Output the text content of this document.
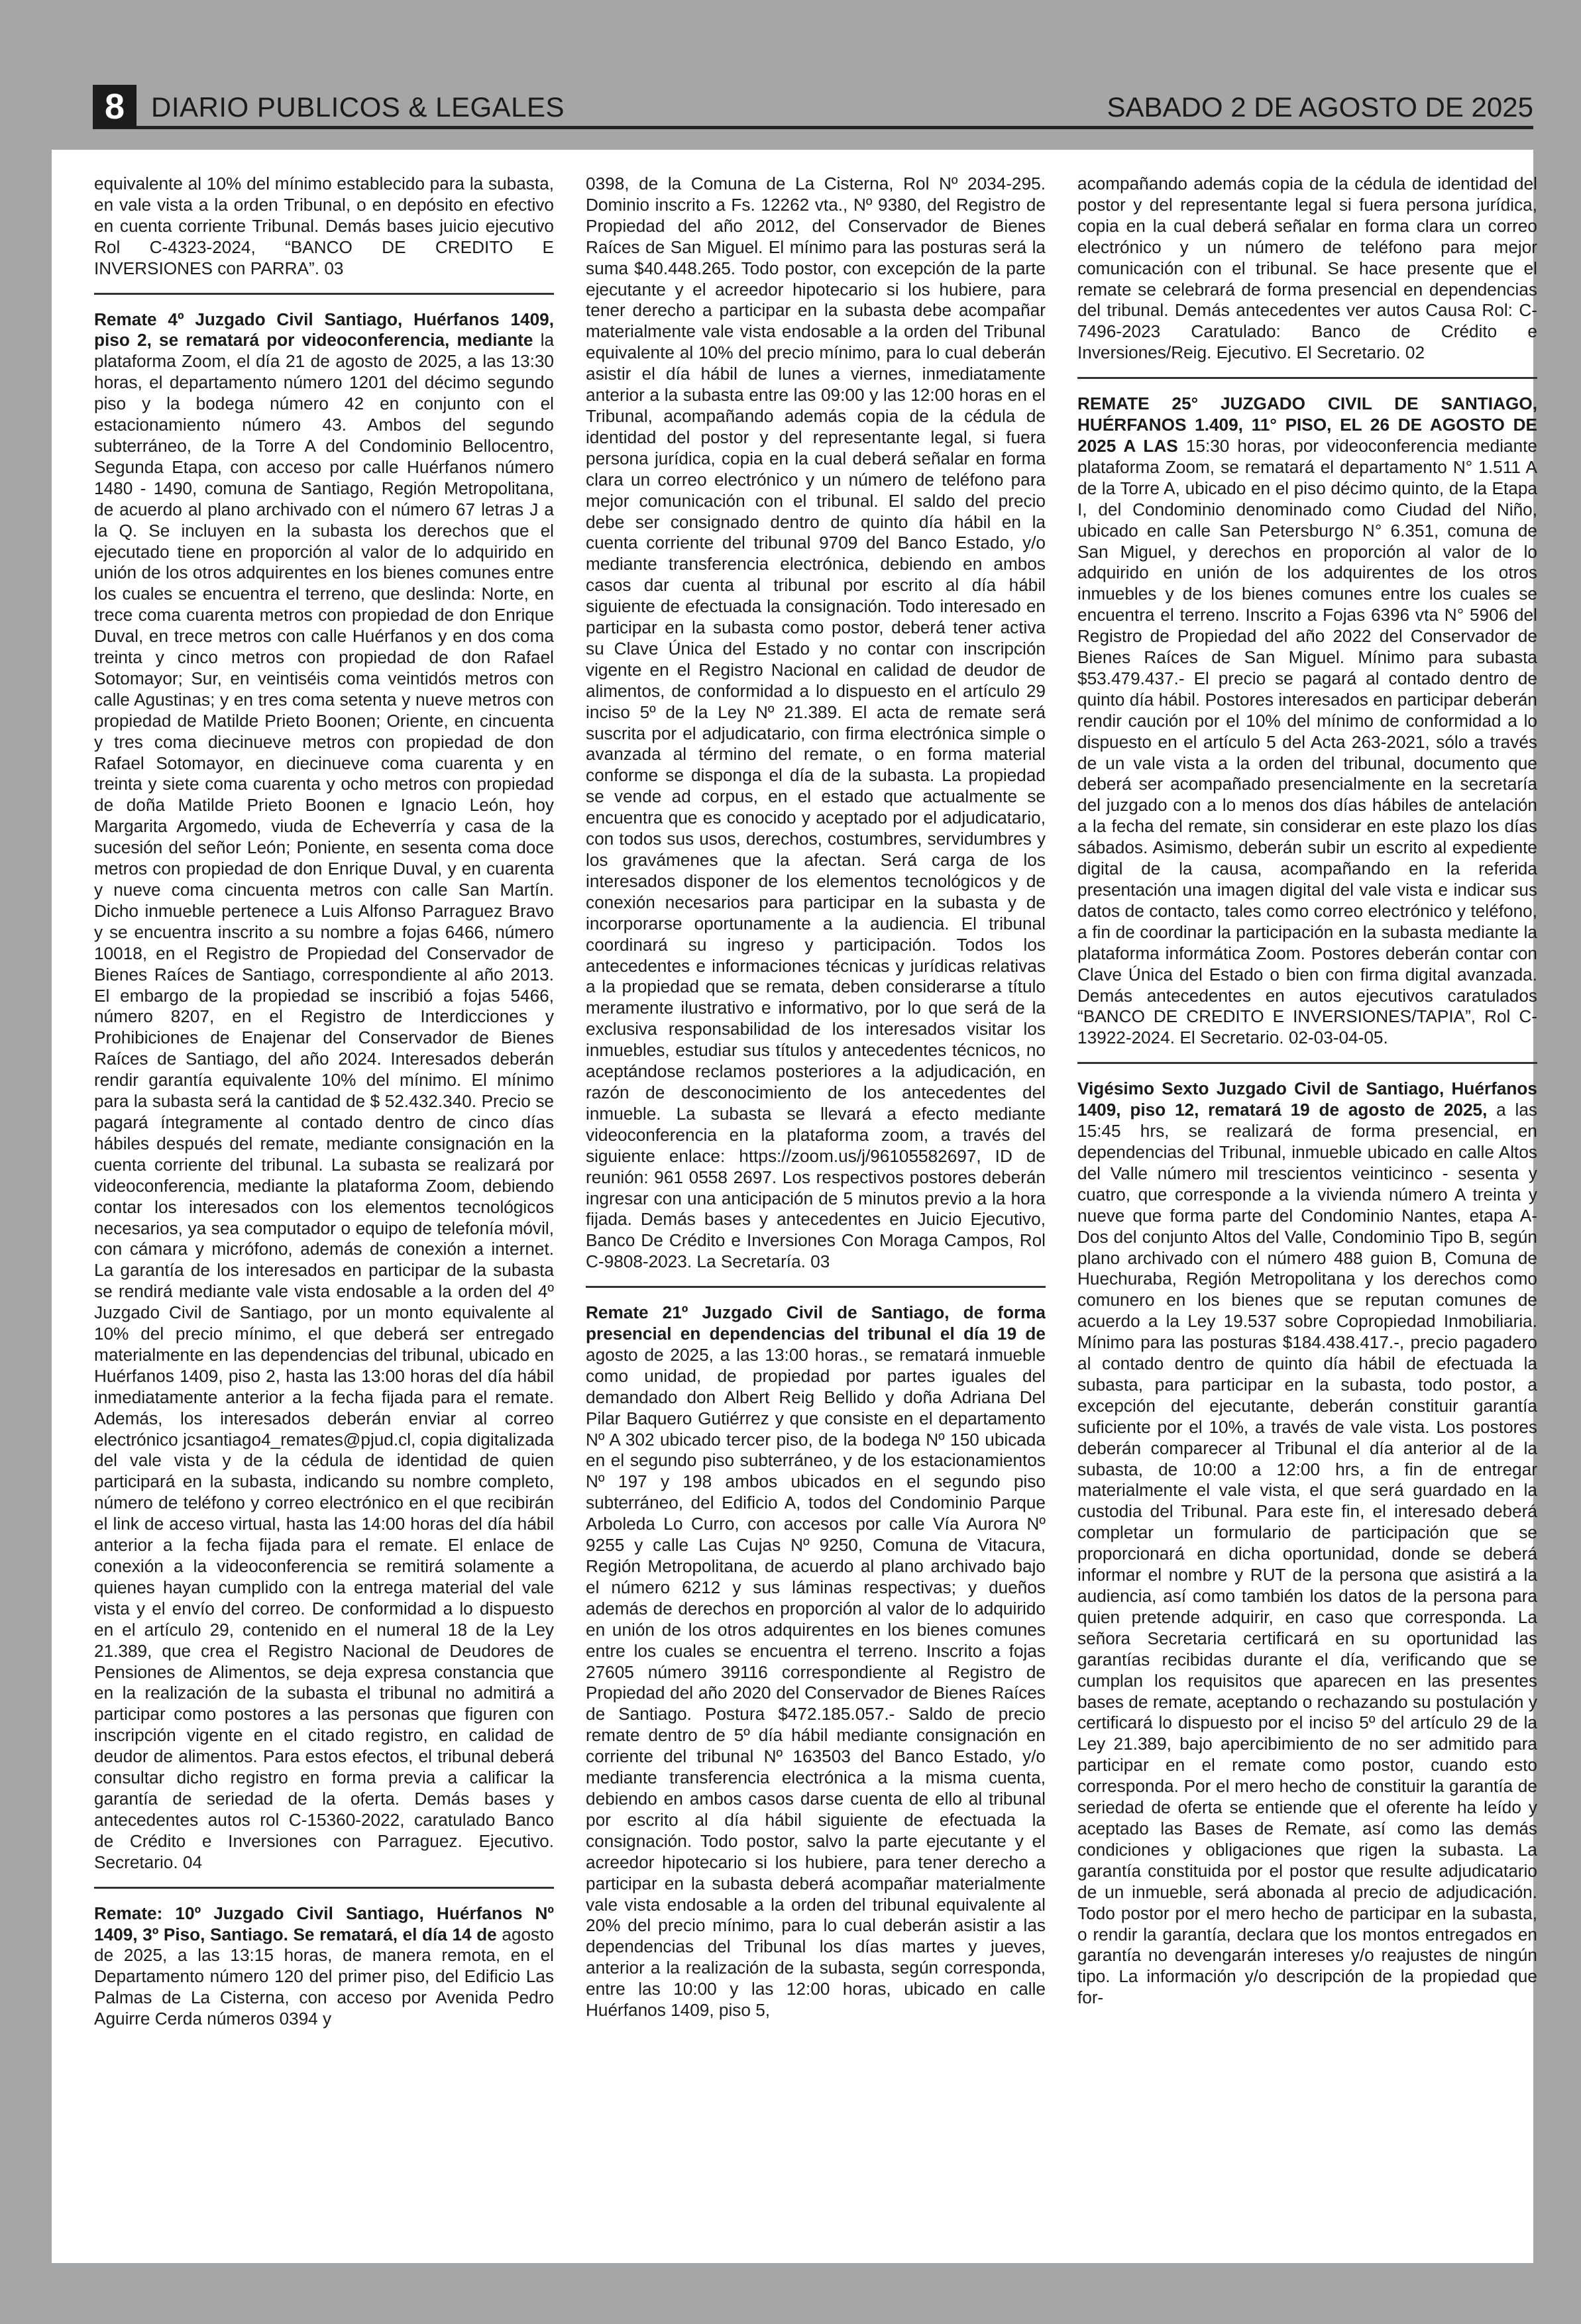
8 DIARIO PUBLICOS & LEGALES	SABADO 2 DE AGOSTO DE 2025

equivalente al 10% del mínimo establecido para la subasta, en vale vista a la orden Tribunal, o en depósito en efectivo en cuenta corriente Tribunal. Demás bases juicio ejecutivo Rol C-4323-2024, “BANCO DE CREDITO E INVERSIONES con PARRA”. 03

Remate 4º Juzgado Civil Santiago, Huérfanos 1409, piso 2, se rematará por videoconferencia, mediante la plataforma Zoom, el día 21 de agosto de 2025, a las 13:30 horas, el departamento número 1201 del décimo segundo piso y la bodega número 42 en conjunto con el estacionamiento número 43. Ambos del segundo subterráneo, de la Torre A del Condominio Bellocentro, Segunda Etapa, con acceso por calle Huérfanos número 1480 - 1490, comuna de Santiago, Región Metropolitana, de acuerdo al plano archivado con el número 67 letras J a la Q. Se incluyen en la subasta los derechos que el ejecutado tiene en proporción al valor de lo adquirido en unión de los otros adquirentes en los bienes comunes entre los cuales se encuentra el terreno, que deslinda: Norte, en trece coma cuarenta metros con propiedad de don Enrique Duval, en trece metros con calle Huérfanos y en dos coma treinta y cinco metros con propiedad de don Rafael Sotomayor; Sur, en veintiséis coma veintidós metros con calle Agustinas; y en tres coma setenta y nueve metros con propiedad de Matilde Prieto Boonen; Oriente, en cincuenta y tres coma diecinueve metros con propiedad de don Rafael Sotomayor, en diecinueve coma cuarenta y en treinta y siete coma cuarenta y ocho metros con propiedad de doña Matilde Prieto Boonen e Ignacio León, hoy Margarita Argomedo, viuda de Echeverría y casa de la sucesión del señor León; Poniente, en sesenta coma doce metros con propiedad de don Enrique Duval, y en cuarenta y nueve coma cincuenta metros con calle San Martín. Dicho inmueble pertenece a Luis Alfonso Parraguez Bravo y se encuentra inscrito a su nombre a fojas 6466, número 10018, en el Registro de Propiedad del Conservador de Bienes Raíces de Santiago, correspondiente al año 2013. El embargo de la propiedad se inscribió a fojas 5466, número 8207, en el Registro de Interdicciones y Prohibiciones de Enajenar del Conservador de Bienes Raíces de Santiago, del año 2024. Interesados deberán rendir garantía equivalente 10% del mínimo. El mínimo para la subasta será la cantidad de $ 52.432.340. Precio se pagará íntegramente al contado dentro de cinco días hábiles después del remate, mediante consignación en la cuenta corriente del tribunal. La subasta se realizará por videoconferencia, mediante la plataforma Zoom, debiendo contar los interesados con los elementos tecnológicos necesarios, ya sea computador o equipo de telefonía móvil, con cámara y micrófono, además de conexión a internet. La garantía de los interesados en participar de la subasta se rendirá mediante vale vista endosable a la orden del 4º Juzgado Civil de Santiago, por un monto equivalente al 10% del precio mínimo, el que deberá ser entregado materialmente en las dependencias del tribunal, ubicado en Huérfanos 1409, piso 2, hasta las 13:00 horas del día hábil inmediatamente anterior a la fecha fijada para el remate. Además, los interesados deberán enviar al correo electrónico jcsantiago4_remates@pjud.cl, copia digitalizada del vale vista y de la cédula de identidad de quien participará en la subasta, indicando su nombre completo, número de teléfono y correo electrónico en el que recibirán el link de acceso virtual, hasta las 14:00 horas del día hábil anterior a la fecha fijada para el remate. El enlace de conexión a la videoconferencia se remitirá solamente a quienes hayan cumplido con la entrega material del vale vista y el envío del correo. De conformidad a lo dispuesto en el artículo 29, contenido en el numeral 18 de la Ley 21.389, que crea el Registro Nacional de Deudores de Pensiones de Alimentos, se deja expresa constancia que en la realización de la subasta el tribunal no admitirá a participar como postores a las personas que figuren con inscripción vigente en el citado registro, en calidad de deudor de alimentos. Para estos efectos, el tribunal deberá consultar dicho registro en forma previa a calificar la garantía de seriedad de la oferta. Demás bases y antecedentes autos rol C-15360-2022, caratulado Banco de Crédito e Inversiones con Parraguez. Ejecutivo. Secretario. 04

Remate: 10º Juzgado Civil Santiago, Huérfanos Nº 1409, 3º Piso, Santiago. Se rematará, el día 14 de agosto de 2025, a las 13:15 horas, de manera remota, en el Departamento número 120 del primer piso, del Edificio Las Palmas de La Cisterna, con acceso por Avenida Pedro Aguirre Cerda números 0394 y

0398, de la Comuna de La Cisterna, Rol Nº 2034-295. Dominio inscrito a Fs. 12262 vta., Nº 9380, del Registro de Propiedad del año 2012, del Conservador de Bienes Raíces de San Miguel. El mínimo para las posturas será la suma $40.448.265. Todo postor, con excepción de la parte ejecutante y el acreedor hipotecario si los hubiere, para tener derecho a participar en la subasta debe acompañar materialmente vale vista endosable a la orden del Tribunal equivalente al 10% del precio mínimo, para lo cual deberán asistir el día hábil de lunes a viernes, inmediatamente anterior a la subasta entre las 09:00 y las 12:00 horas en el Tribunal, acompañando además copia de la cédula de identidad del postor y del representante legal, si fuera persona jurídica, copia en la cual deberá señalar en forma clara un correo electrónico y un número de teléfono para mejor comunicación con el tribunal. El saldo del precio debe ser consignado dentro de quinto día hábil en la cuenta corriente del tribunal 9709 del Banco Estado, y/o mediante transferencia electrónica, debiendo en ambos casos dar cuenta al tribunal por escrito al día hábil siguiente de efectuada la consignación. Todo interesado en participar en la subasta como postor, deberá tener activa su Clave Única del Estado y no contar con inscripción vigente en el Registro Nacional en calidad de deudor de alimentos, de conformidad a lo dispuesto en el artículo 29 inciso 5º de la Ley Nº 21.389. El acta de remate será suscrita por el adjudicatario, con firma electrónica simple o avanzada al término del remate, o en forma material conforme se disponga el día de la subasta. La propiedad se vende ad corpus, en el estado que actualmente se encuentra que es conocido y aceptado por el adjudicatario, con todos sus usos, derechos, costumbres, servidumbres y los gravámenes que la afectan. Será carga de los interesados disponer de los elementos tecnológicos y de conexión necesarios para participar en la subasta y de incorporarse oportunamente a la audiencia. El tribunal coordinará su ingreso y participación. Todos los antecedentes e informaciones técnicas y jurídicas relativas a la propiedad que se remata, deben considerarse a título meramente ilustrativo e informativo, por lo que será de la exclusiva responsabilidad de los interesados visitar los inmuebles, estudiar sus títulos y antecedentes técnicos, no aceptándose reclamos posteriores a la adjudicación, en razón de desconocimiento de los antecedentes del inmueble. La subasta se llevará a efecto mediante videoconferencia en la plataforma zoom, a través del siguiente enlace: https://zoom.us/j/96105582697, ID de reunión: 961 0558 2697. Los respectivos postores deberán ingresar con una anticipación de 5 minutos previo a la hora fijada. Demás bases y antecedentes en Juicio Ejecutivo, Banco De Crédito e Inversiones Con Moraga Campos, Rol C-9808-2023. La Secretaría. 03

Remate 21º Juzgado Civil de Santiago, de forma presencial en dependencias del tribunal el día 19 de agosto de 2025, a las 13:00 horas., se rematará inmueble como unidad, de propiedad por partes iguales del demandado don Albert Reig Bellido y doña Adriana Del Pilar Baquero Gutiérrez y que consiste en el departamento Nº A 302 ubicado tercer piso, de la bodega Nº 150 ubicada en el segundo piso subterráneo, y de los estacionamientos Nº 197 y 198 ambos ubicados en el segundo piso subterráneo, del Edificio A, todos del Condominio Parque Arboleda Lo Curro, con accesos por calle Vía Aurora Nº 9255 y calle Las Cujas Nº 9250, Comuna de Vitacura, Región Metropolitana, de acuerdo al plano archivado bajo el número 6212 y sus láminas respectivas; y dueños además de derechos en proporción al valor de lo adquirido en unión de los otros adquirentes en los bienes comunes entre los cuales se encuentra el terreno. Inscrito a fojas 27605 número 39116 correspondiente al Registro de Propiedad del año 2020 del Conservador de Bienes Raíces de Santiago. Postura $472.185.057.- Saldo de precio remate dentro de 5º día hábil mediante consignación en corriente del tribunal Nº 163503 del Banco Estado, y/o mediante transferencia electrónica a la misma cuenta, debiendo en ambos casos darse cuenta de ello al tribunal por escrito al día hábil siguiente de efectuada la consignación. Todo postor, salvo la parte ejecutante y el acreedor hipotecario si los hubiere, para tener derecho a participar en la subasta deberá acompañar materialmente vale vista endosable a la orden del tribunal equivalente al 20% del precio mínimo, para lo cual deberán asistir a las dependencias del Tribunal los días martes y jueves, anterior a la realización de la subasta, según corresponda, entre las 10:00 y las 12:00 horas, ubicado en calle Huérfanos 1409, piso 5,

acompañando además copia de la cédula de identidad del postor y del representante legal si fuera persona jurídica, copia en la cual deberá señalar en forma clara un correo electrónico y un número de teléfono para mejor comunicación con el tribunal. Se hace presente que el remate se celebrará de forma presencial en dependencias del tribunal. Demás antecedentes ver autos Causa Rol: C-7496-2023 Caratulado: Banco de Crédito e Inversiones/Reig. Ejecutivo. El Secretario. 02

REMATE 25° JUZGADO CIVIL DE SANTIAGO, HUÉRFANOS 1.409, 11° PISO, EL 26 DE AGOSTO DE 2025 A LAS 15:30 horas, por videoconferencia mediante plataforma Zoom, se rematará el departamento N° 1.511 A de la Torre A, ubicado en el piso décimo quinto, de la Etapa I, del Condominio denominado como Ciudad del Niño, ubicado en calle San Petersburgo N° 6.351, comuna de San Miguel, y derechos en proporción al valor de lo adquirido en unión de los adquirentes de los otros inmuebles y de los bienes comunes entre los cuales se encuentra el terreno. Inscrito a Fojas 6396 vta N° 5906 del Registro de Propiedad del año 2022 del Conservador de Bienes Raíces de San Miguel. Mínimo para subasta $53.479.437.- El precio se pagará al contado dentro de quinto día hábil. Postores interesados en participar deberán rendir caución por el 10% del mínimo de conformidad a lo dispuesto en el artículo 5 del Acta 263-2021, sólo a través de un vale vista a la orden del tribunal, documento que deberá ser acompañado presencialmente en la secretaría del juzgado con a lo menos dos días hábiles de antelación a la fecha del remate, sin considerar en este plazo los días sábados. Asimismo, deberán subir un escrito al expediente digital de la causa, acompañando en la referida presentación una imagen digital del vale vista e indicar sus datos de contacto, tales como correo electrónico y teléfono, a fin de coordinar la participación en la subasta mediante la plataforma informática Zoom. Postores deberán contar con Clave Única del Estado o bien con firma digital avanzada. Demás antecedentes en autos ejecutivos caratulados “BANCO DE CREDITO E INVERSIONES/TAPIA”, Rol C-13922-2024. El Secretario. 02-03-04-05.

Vigésimo Sexto Juzgado Civil de Santiago, Huérfanos 1409, piso 12, rematará 19 de agosto de 2025, a las 15:45 hrs, se realizará de forma presencial, en dependencias del Tribunal, inmueble ubicado en calle Altos del Valle número mil trescientos veinticinco - sesenta y cuatro, que corresponde a la vivienda número A treinta y nueve que forma parte del Condominio Nantes, etapa A- Dos del conjunto Altos del Valle, Condominio Tipo B, según plano archivado con el número 488 guion B, Comuna de Huechuraba, Región Metropolitana y los derechos como comunero en los bienes que se reputan comunes de acuerdo a la Ley 19.537 sobre Copropiedad Inmobiliaria. Mínimo para las posturas $184.438.417.-, precio pagadero al contado dentro de quinto día hábil de efectuada la subasta, para participar en la subasta, todo postor, a excepción del ejecutante, deberán constituir garantía suficiente por el 10%, a través de vale vista. Los postores deberán comparecer al Tribunal el día anterior al de la subasta, de 10:00 a 12:00 hrs, a fin de entregar materialmente el vale vista, el que será guardado en la custodia del Tribunal. Para este fin, el interesado deberá completar un formulario de participación que se proporcionará en dicha oportunidad, donde se deberá informar el nombre y RUT de la persona que asistirá a la audiencia, así como también los datos de la persona para quien pretende adquirir, en caso que corresponda. La señora Secretaria certificará en su oportunidad las garantías recibidas durante el día, verificando que se cumplan los requisitos que aparecen en las presentes bases de remate, aceptando o rechazando su postulación y certificará lo dispuesto por el inciso 5º del artículo 29 de la Ley 21.389, bajo apercibimiento de no ser admitido para participar en el remate como postor, cuando esto corresponda. Por el mero hecho de constituir la garantía de seriedad de oferta se entiende que el oferente ha leído y aceptado las Bases de Remate, así como las demás condiciones y obligaciones que rigen la subasta. La garantía constituida por el postor que resulte adjudicatario de un inmueble, será abonada al precio de adjudicación. Todo postor por el mero hecho de participar en la subasta, o rendir la garantía, declara que los montos entregados en garantía no devengarán intereses y/o reajustes de ningún tipo. La información y/o descripción de la propiedad que for-
